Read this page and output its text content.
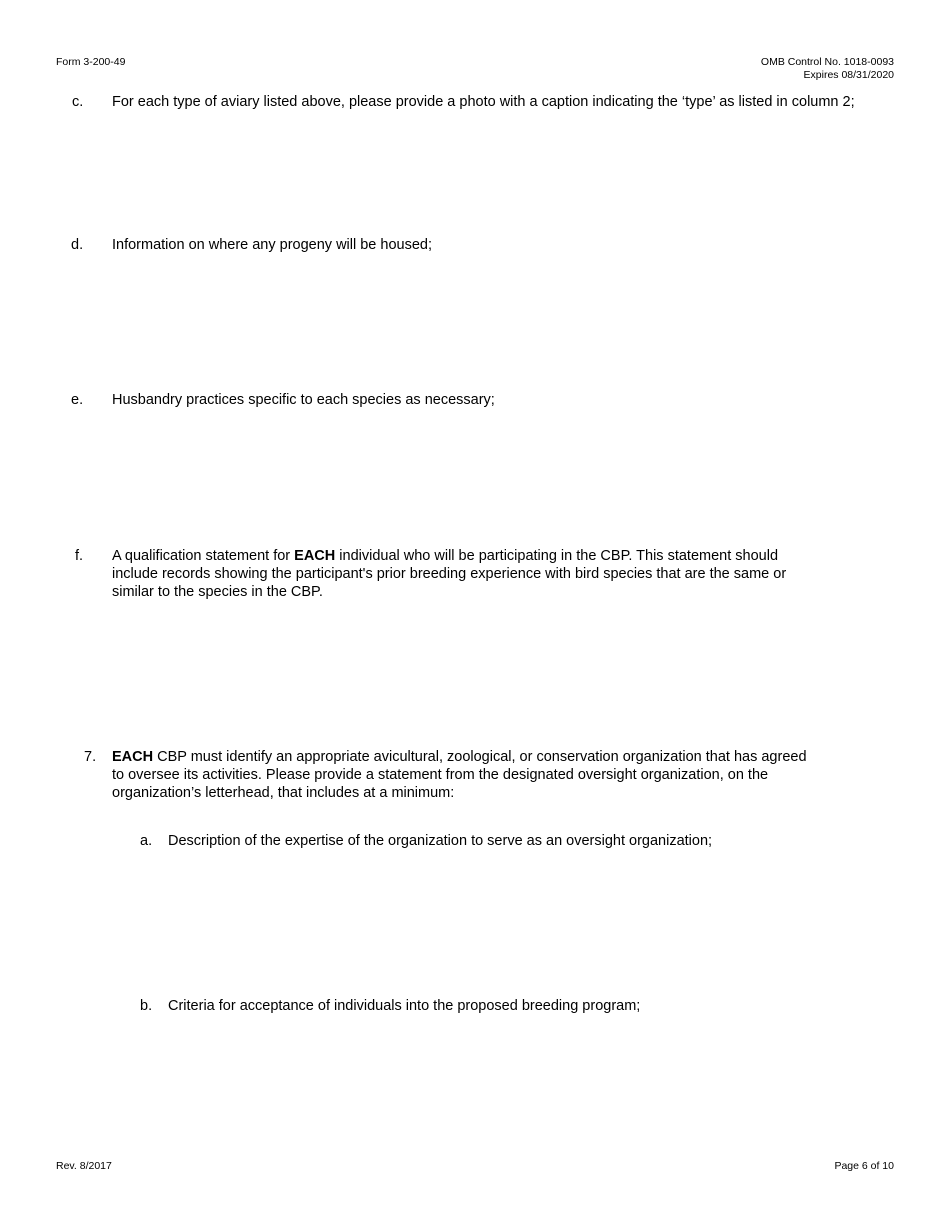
Form 3-200-49	OMB Control No. 1018-0093
Expires 08/31/2020
c. For each type of aviary listed above, please provide a photo with a caption indicating the ‘type’ as listed in column 2;
d. Information on where any progeny will be housed;
e. Husbandry practices specific to each species as necessary;
f. A qualification statement for EACH individual who will be participating in the CBP. This statement should
include records showing the participant's prior breeding experience with bird species that are the same or
similar to the species in the CBP.
7. EACH CBP must identify an appropriate avicultural, zoological, or conservation organization that has agreed
to oversee its activities. Please provide a statement from the designated oversight organization, on the
organization’s letterhead, that includes at a minimum:
a. Description of the expertise of the organization to serve as an oversight organization;
b. Criteria for acceptance of individuals into the proposed breeding program;
Rev. 8/2017	Page 6 of 10
